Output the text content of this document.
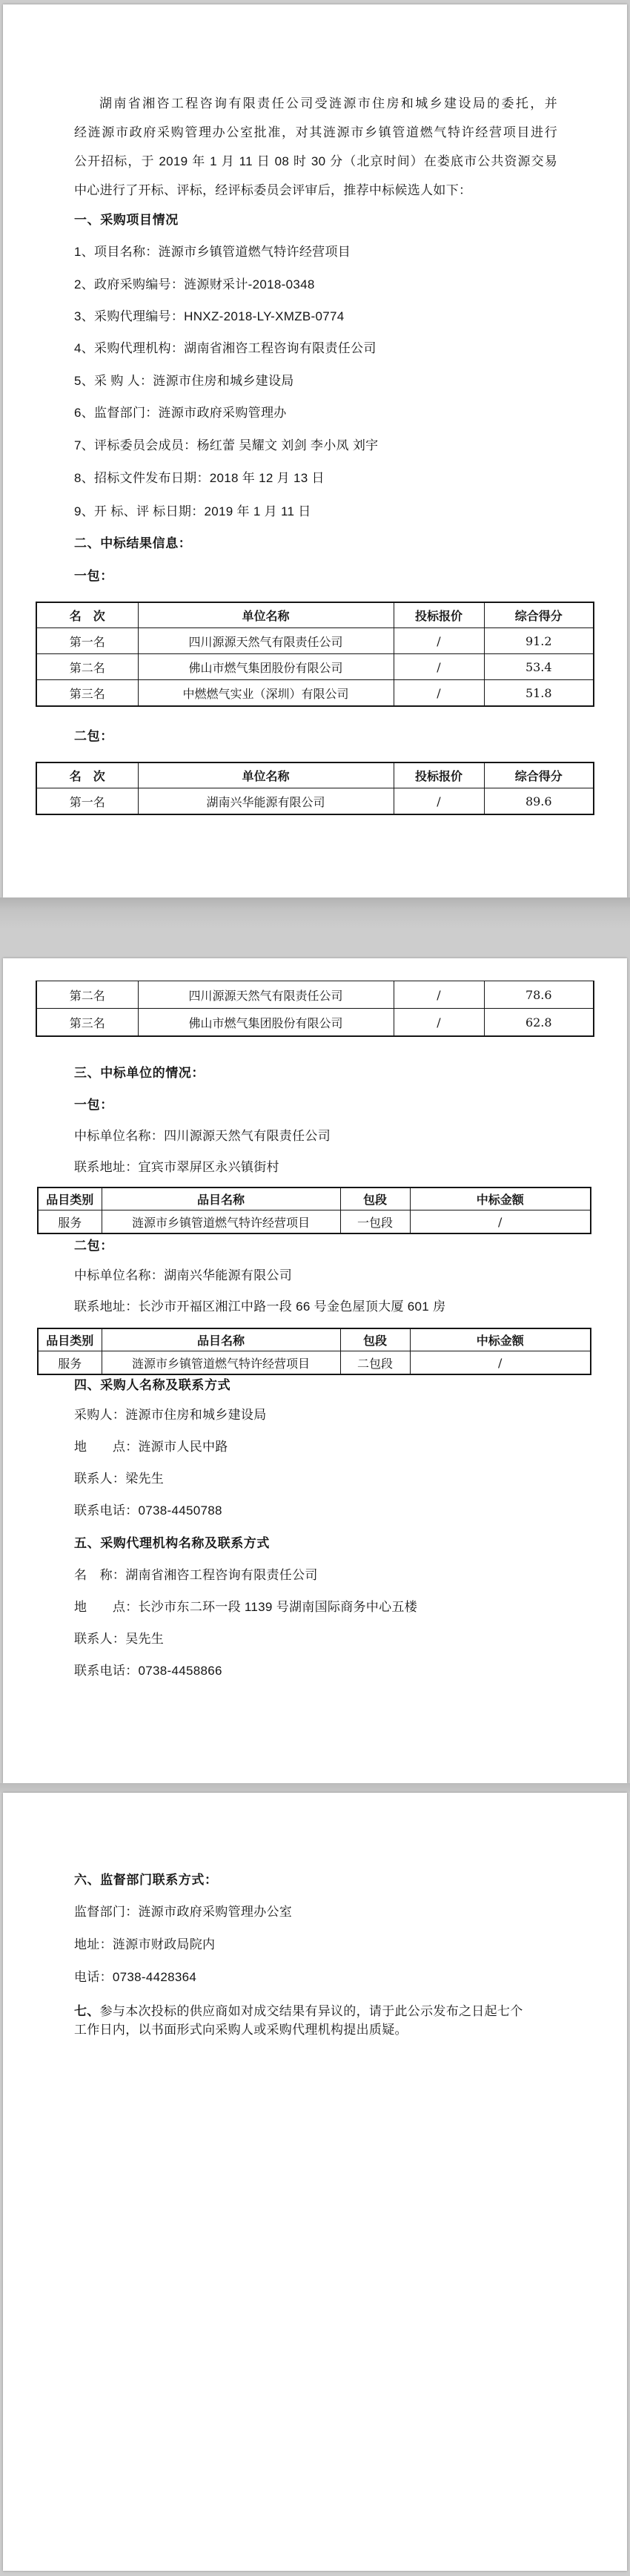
湖南省湘咨工程咨询有限责任公司受涟源市住房和城乡建设局的委托，并
经涟源市政府采购管理办公室批准，对其涟源市乡镇管道燃气特许经营项目进行
公开招标，于 2019 年 1 月 11 日 08 时 30 分（北京时间）在娄底市公共资源交易
中心进行了开标、评标，经评标委员会评审后，推荐中标候选人如下：
一、采购项目情况
1、项目名称：涟源市乡镇管道燃气特许经营项目
2、政府采购编号：涟源财采计-2018-0348
3、采购代理编号：HNXZ-2018-LY-XMZB-0774
4、采购代理机构：湖南省湘咨工程咨询有限责任公司
5、采 购 人：涟源市住房和城乡建设局
6、监督部门：涟源市政府采购管理办
7、评标委员会成员：杨红蕾 吴耀文 刘剑 李小凤 刘宇
8、招标文件发布日期：2018 年 12 月 13 日
9、开 标、评 标日期：2019 年 1 月 11 日
二、中标结果信息：
一包：
名　次	单位名称	投标报价	综合得分
第一名	四川源源天然气有限责任公司	/	91.2
第二名	佛山市燃气集团股份有限公司	/	53.4
第三名	中燃燃气实业（深圳）有限公司	/	51.8
二包：
名　次	单位名称	投标报价	综合得分
第一名	湖南兴华能源有限公司	/	89.6
第二名	四川源源天然气有限责任公司	/	78.6
第三名	佛山市燃气集团股份有限公司	/	62.8
三、中标单位的情况：
一包：
中标单位名称：四川源源天然气有限责任公司
联系地址：宜宾市翠屏区永兴镇街村
品目类别	品目名称	包段	中标金额
服务	涟源市乡镇管道燃气特许经营项目	一包段	/
二包：
中标单位名称：湖南兴华能源有限公司
联系地址：长沙市开福区湘江中路一段 66 号金色屋顶大厦 601 房
品目类别	品目名称	包段	中标金额
服务	涟源市乡镇管道燃气特许经营项目	二包段	/
四、采购人名称及联系方式
采购人：涟源市住房和城乡建设局
地　　点：涟源市人民中路
联系人：梁先生
联系电话：0738-4450788
五、采购代理机构名称及联系方式
名　称：湖南省湘咨工程咨询有限责任公司
地　　点：长沙市东二环一段 1139 号湖南国际商务中心五楼
联系人：吴先生
联系电话：0738-4458866
六、监督部门联系方式：
监督部门：涟源市政府采购管理办公室
地址：涟源市财政局院内
电话：0738-4428364
七、参与本次投标的供应商如对成交结果有异议的，请于此公示发布之日起七个
工作日内，以书面形式向采购人或采购代理机构提出质疑。
